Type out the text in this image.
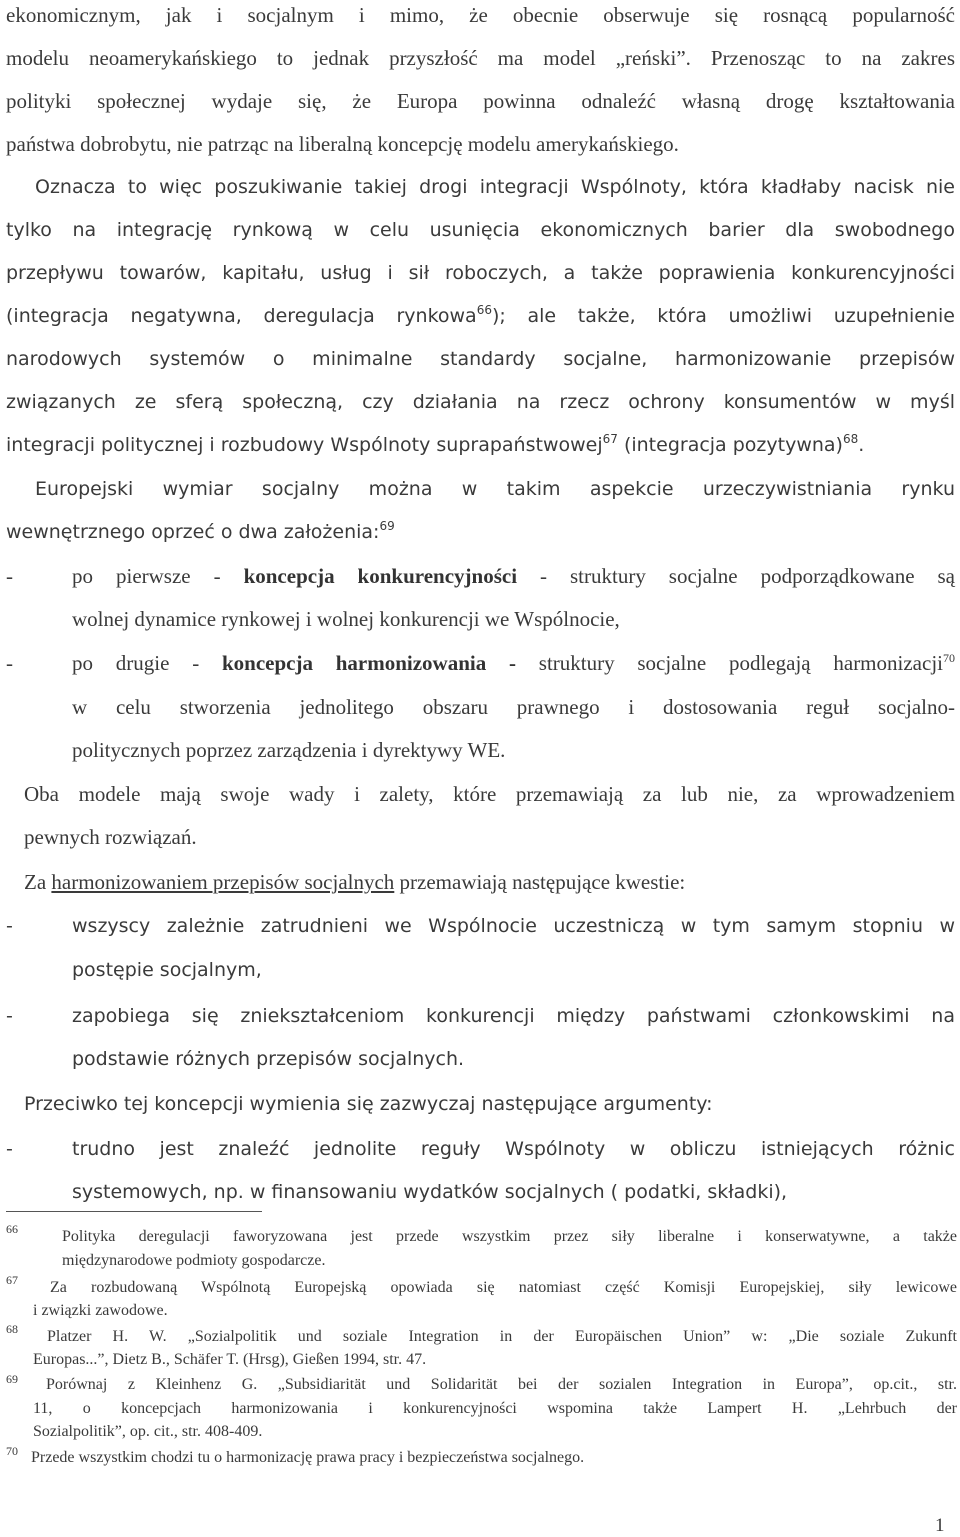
ekonomicznym, jak i socjalnym i mimo, że obecnie obserwuje się rosnącą popularność
modelu neoamerykańskiego to jednak przyszłość ma model „reński”. Przenosząc to na zakres
polityki społecznej wydaje się, że Europa powinna odnaleźć własną drogę kształtowania
państwa dobrobytu, nie patrząc na liberalną koncepcję modelu amerykańskiego.
Oznacza to więc poszukiwanie takiej drogi integracji Wspólnoty, która kładłaby nacisk nie
tylko na integrację rynkową w celu usunięcia ekonomicznych barier dla swobodnego
przepływu towarów, kapitału, usług i sił roboczych, a także poprawienia konkurencyjności
(integracja negatywna, deregulacja rynkowa$^{66}$); ale także, która umożliwi uzupełnienie
narodowych systemów o minimalne standardy socjalne, harmonizowanie przepisów
związanych ze sferą społeczną, czy działania na rzecz ochrony konsumentów w myśl
integracji politycznej i rozbudowy Wspólnoty suprapaństwowej$^{67}$ (integracja pozytywna)$^{68}$.
Europejski wymiar socjalny można w takim aspekcie urzeczywistniania rynku
wewnętrznego oprzeć o dwa założenia:$^{69}$
-	po pierwsze - koncepcja konkurencyjności - struktury socjalne podporządkowane są
wolnej dynamice rynkowej i wolnej konkurencji we Wspólnocie,
-	po drugie - koncepcja harmonizowania - struktury socjalne podlegają harmonizacji$^{70}$
w celu stworzenia jednolitego obszaru prawnego i dostosowania reguł socjalno-
politycznych poprzez zarządzenia i dyrektywy WE.
Oba modele mają swoje wady i zalety, które przemawiają za lub nie, za wprowadzeniem
pewnych rozwiązań.
Za harmonizowaniem przepisów socjalnych przemawiają następujące kwestie:
-	wszyscy zależnie zatrudnieni we Wspólnocie uczestniczą w tym samym stopniu w
postępie socjalnym,
-	zapobiega się zniekształceniom konkurencji między państwami członkowskimi na
podstawie różnych przepisów socjalnych.
Przeciwko tej koncepcji wymienia się zazwyczaj następujące argumenty:
-	trudno jest znaleźć jednolite reguły Wspólnoty w obliczu istniejących różnic
systemowych, np. w finansowaniu wydatków socjalnych ( podatki, składki),
66	Polityka deregulacji faworyzowana jest przede wszystkim przez siły liberalne i konserwatywne, a także
międzynarodowe podmioty gospodarcze.
67 Za rozbudowaną Wspólnotą Europejską opowiada się natomiast część Komisji Europejskiej, siły lewicowe
i związki zawodowe.
68 Platzer H. W. „Sozialpolitik und soziale Integration in der Europäischen Union” w: „Die soziale Zukunft
Europas...”, Dietz B., Schäfer T. (Hrsg), Gießen 1994, str. 47.
69 Porównaj z Kleinhenz G. „Subsidiarität und Solidarität bei der sozialen Integration in Europa”, op.cit., str.
11, o koncepcjach harmonizowania i konkurencyjności wspomina także Lampert H. „Lehrbuch der
Sozialpolitik”, op. cit., str. 408-409.
70 Przede wszystkim chodzi tu o harmonizację prawa pracy i bezpieczeństwa socjalnego.
1
